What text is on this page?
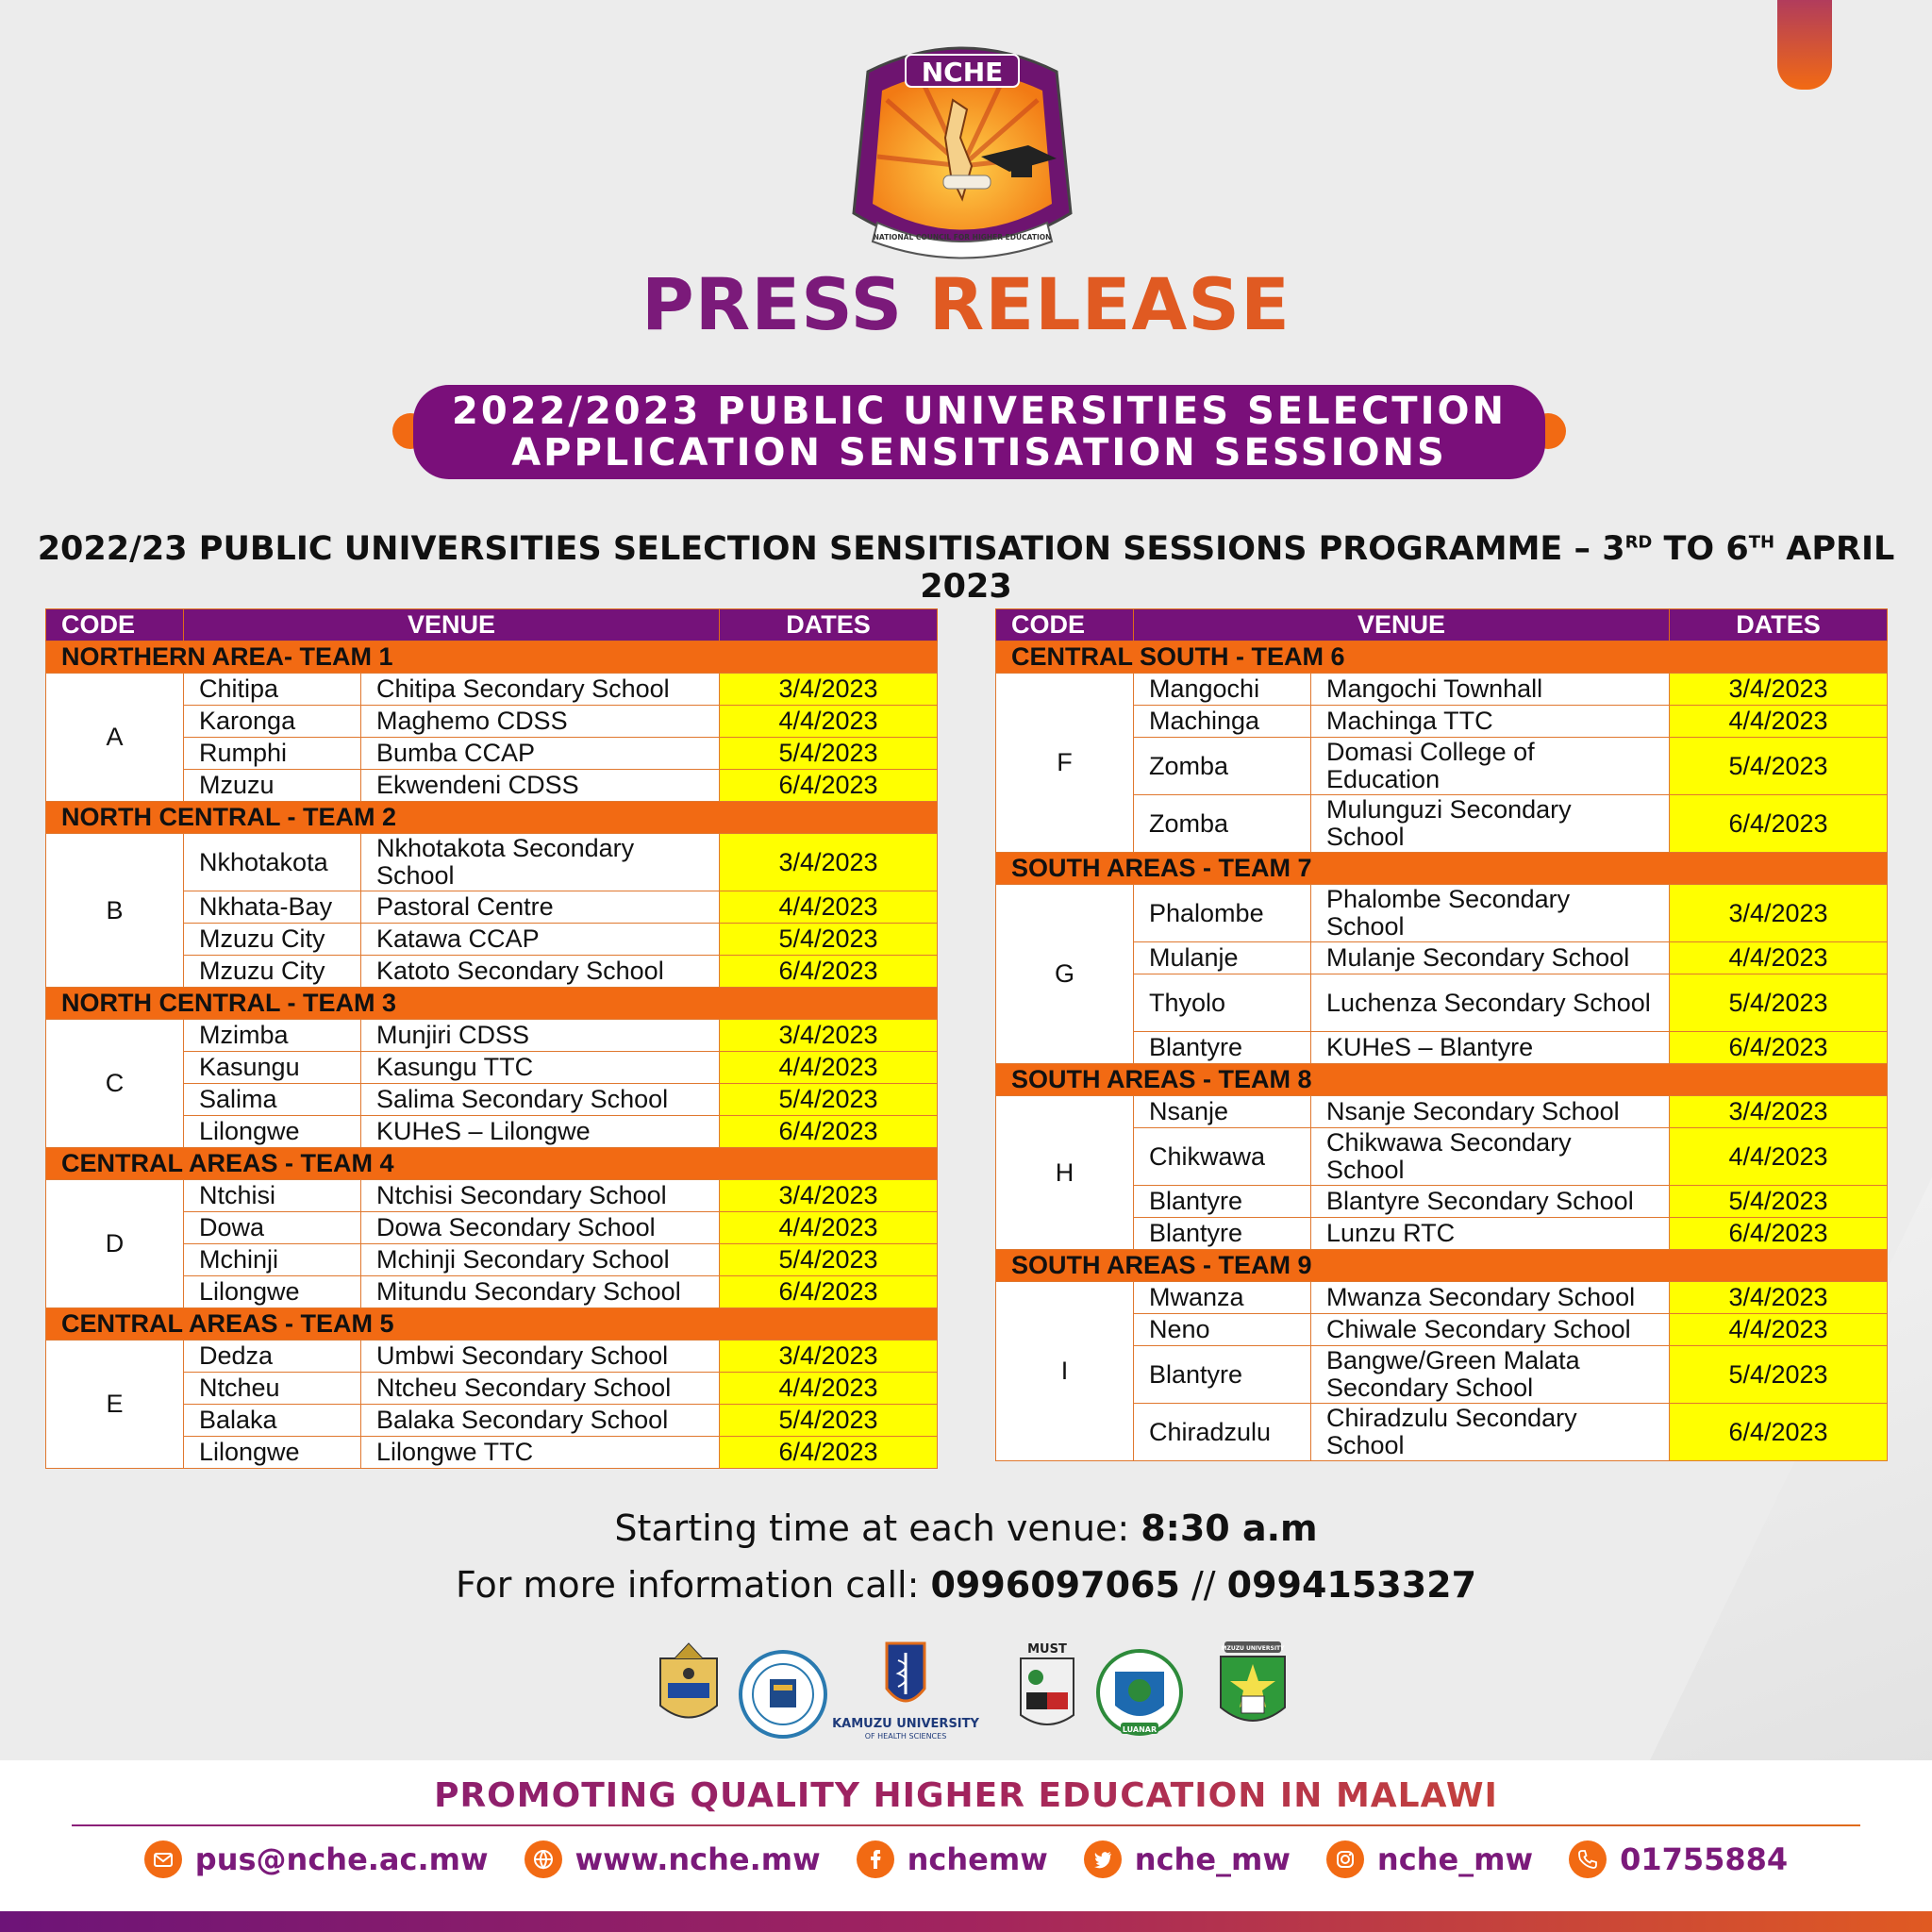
NCHE
NATIONAL COUNCIL FOR HIGHER EDUCATION
PRESS RELEASE
2022/2023 PUBLIC UNIVERSITIES SELECTION
APPLICATION SENSITISATION SESSIONS
2022/23 PUBLIC UNIVERSITIES SELECTION SENSITISATION SESSIONS PROGRAMME – 3RD TO 6TH APRIL 2023
CODE	VENUE		DATES
NORTHERN AREA- TEAM 1			
A	Chitipa	Chitipa Secondary School	3/4/2023
	Karonga	Maghemo CDSS	4/4/2023
	Rumphi	Bumba CCAP	5/4/2023
	Mzuzu	Ekwendeni CDSS	6/4/2023
NORTH CENTRAL - TEAM 2			
B	Nkhotakota	Nkhotakota Secondary School	3/4/2023
	Nkhata-Bay	Pastoral Centre	4/4/2023
	Mzuzu City	Katawa CCAP	5/4/2023
	Mzuzu City	Katoto Secondary School	6/4/2023
NORTH CENTRAL - TEAM 3			
C	Mzimba	Munjiri CDSS	3/4/2023
	Kasungu	Kasungu TTC	4/4/2023
	Salima	Salima Secondary School	5/4/2023
	Lilongwe	KUHeS – Lilongwe	6/4/2023
CENTRAL AREAS - TEAM 4			
D	Ntchisi	Ntchisi Secondary School	3/4/2023
	Dowa	Dowa Secondary School	4/4/2023
	Mchinji	Mchinji Secondary School	5/4/2023
	Lilongwe	Mitundu Secondary School	6/4/2023
CENTRAL AREAS - TEAM 5			
E	Dedza	Umbwi Secondary School	3/4/2023
	Ntcheu	Ntcheu Secondary School	4/4/2023
	Balaka	Balaka Secondary School	5/4/2023
	Lilongwe	Lilongwe TTC	6/4/2023
CODE	VENUE		DATES
CENTRAL SOUTH - TEAM 6			
F	Mangochi	Mangochi Townhall	3/4/2023
	Machinga	Machinga TTC	4/4/2023
	Zomba	Domasi College of Education	5/4/2023
	Zomba	Mulunguzi Secondary School	6/4/2023
SOUTH AREAS - TEAM 7			
G	Phalombe	Phalombe Secondary School	3/4/2023
	Mulanje	Mulanje Secondary School	4/4/2023
	Thyolo	Luchenza Secondary School	5/4/2023
	Blantyre	KUHeS – Blantyre	6/4/2023
SOUTH AREAS - TEAM 8			
H	Nsanje	Nsanje Secondary School	3/4/2023
	Chikwawa	Chikwawa Secondary School	4/4/2023
	Blantyre	Blantyre Secondary School	5/4/2023
	Blantyre	Lunzu RTC	6/4/2023
SOUTH AREAS - TEAM 9			
I	Mwanza	Mwanza Secondary School	3/4/2023
	Neno	Chiwale Secondary School	4/4/2023
	Blantyre	Bangwe/Green Malata Secondary School	5/4/2023
	Chiradzulu	Chiradzulu Secondary School	6/4/2023
Starting time at each venue: 8:30 a.m
For more information call: 0996097065 // 0994153327
KAMUZU UNIVERSITY
OF HEALTH SCIENCES
MUST
LUANAR
MZUZU UNIVERSITY
PROMOTING QUALITY HIGHER EDUCATION IN MALAWI
pus@nche.ac.mw	www.nche.mw	nchemw	nche_mw	nche_mw	01755884
